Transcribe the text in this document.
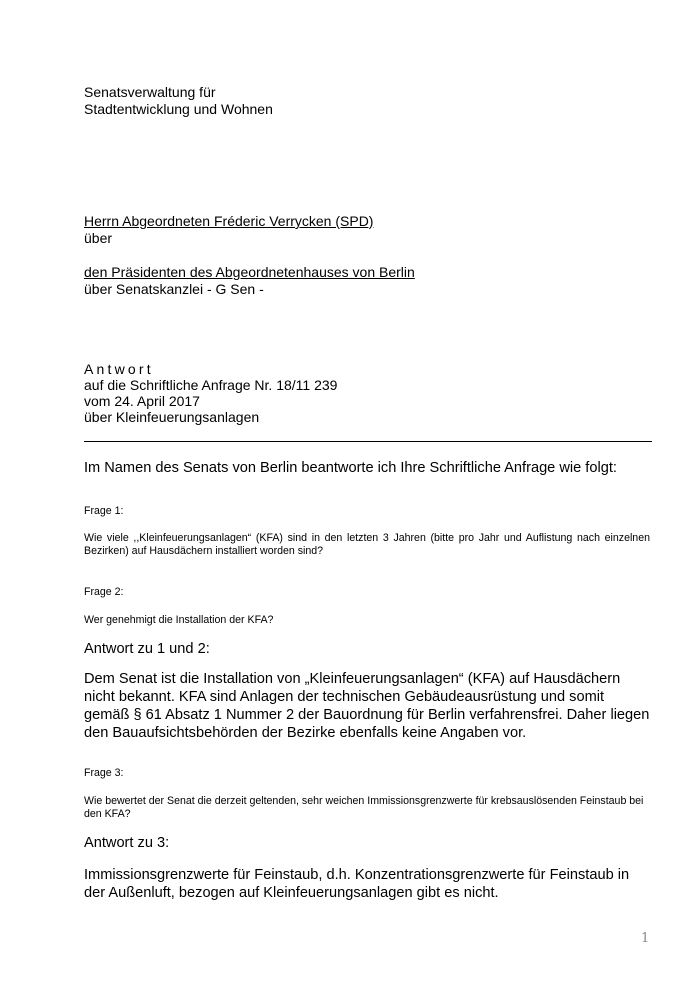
Senatsverwaltung für
Stadtentwicklung und Wohnen
Herrn Abgeordneten Fréderic Verrycken (SPD)
über
den Präsidenten des Abgeordnetenhauses von Berlin
über Senatskanzlei - G Sen -
Antwort
auf die Schriftliche Anfrage Nr. 18/11 239
vom 24. April 2017
über Kleinfeuerungsanlagen
Im Namen des Senats von Berlin beantworte ich Ihre Schriftliche Anfrage wie folgt:
Frage 1:
Wie viele ,,Kleinfeuerungsanlagen“ (KFA) sind in den letzten 3 Jahren (bitte pro Jahr und Auflistung nach einzelnen Bezirken) auf Hausdächern installiert worden sind?
Frage 2:
Wer genehmigt die Installation der KFA?
Antwort zu 1 und 2:
Dem Senat ist die Installation von „Kleinfeuerungsanlagen“ (KFA) auf Hausdächern nicht bekannt. KFA sind Anlagen der technischen Gebäudeausrüstung und somit gemäß § 61 Absatz 1 Nummer 2 der Bauordnung für Berlin verfahrensfrei. Daher liegen den Bauaufsichtsbehörden der Bezirke ebenfalls keine Angaben vor.
Frage 3:
Wie bewertet der Senat die derzeit geltenden, sehr weichen Immissionsgrenzwerte für krebsauslösenden Feinstaub bei den KFA?
Antwort zu 3:
Immissionsgrenzwerte für Feinstaub, d.h. Konzentrationsgrenzwerte für Feinstaub in der Außenluft, bezogen auf Kleinfeuerungsanlagen gibt es nicht.
1
